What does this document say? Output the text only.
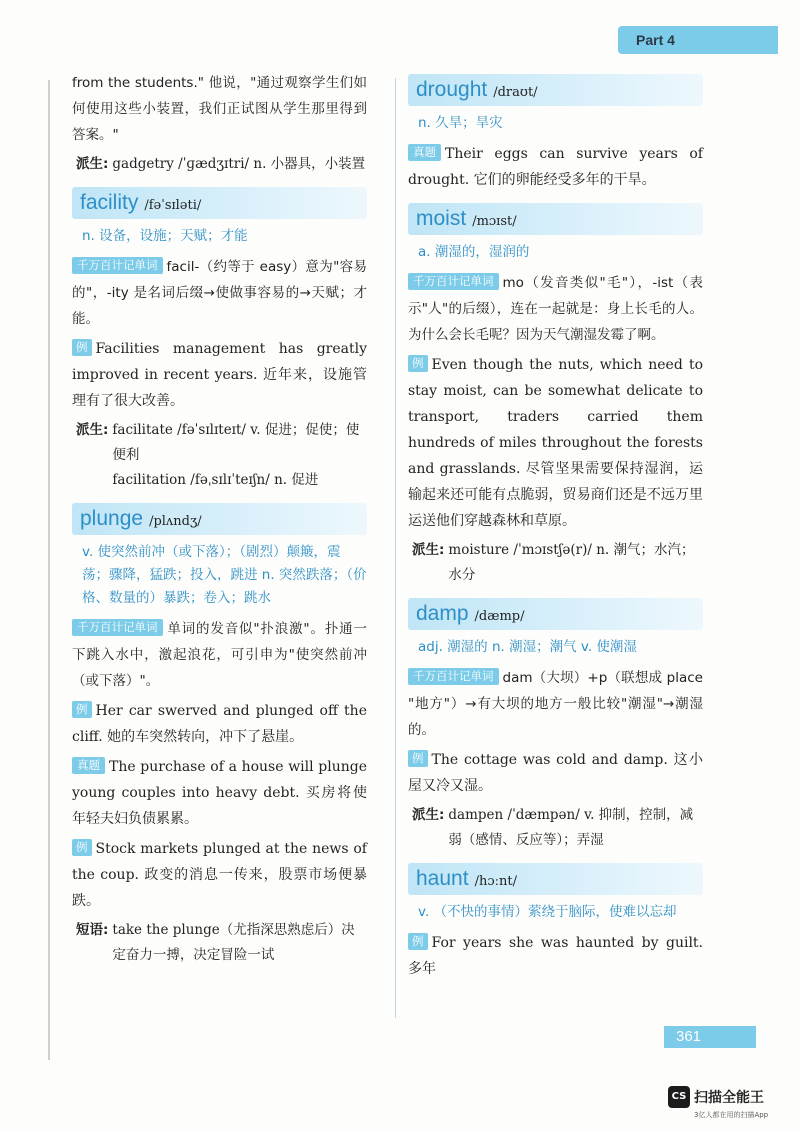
Part 4

from the students." 他说，"通过观察学生们如何使用这些小装置，我们正试图从学生那里得到答案。"

派生: gadgetry /ˈɡædʒɪtri/ n. 小器具，小装置
facility /fəˈsɪləti/
n. 设备，设施；天赋；才能

千万百计记单词 facil-（约等于 easy）意为"容易的"，-ity 是名词后缀→使做事容易的→天赋；才能。

例 Facilities management has greatly improved in recent years. 近年来，设施管理有了很大改善。

派生: facilitate /fəˈsɪlɪteɪt/ v. 促进；促使；使便利
facilitation /fəˌsɪlɪˈteɪʃn/ n. 促进
plunge /plʌndʒ/
v. 使突然前冲（或下落）；（剧烈）颠簸，震荡；骤降，猛跌；投入，跳进 n. 突然跌落；（价格、数量的）暴跌；卷入；跳水

千万百计记单词 单词的发音似"扑浪激"。扑通一下跳入水中，激起浪花，可引申为"使突然前冲（或下落）"。

例 Her car swerved and plunged off the cliff. 她的车突然转向，冲下了悬崖。

真题 The purchase of a house will plunge young couples into heavy debt. 买房将使年轻夫妇负债累累。

例 Stock markets plunged at the news of the coup. 政变的消息一传来，股票市场便暴跌。

短语: take the plunge（尤指深思熟虑后）决定奋力一搏，决定冒险一试
drought /draʊt/
n. 久旱；旱灾

真题 Their eggs can survive years of drought. 它们的卵能经受多年的干旱。

moist /mɔɪst/
a. 潮湿的，湿润的

千万百计记单词 mo（发音类似"毛"），-ist（表示"人"的后缀），连在一起就是：身上长毛的人。为什么会长毛呢？因为天气潮湿发霉了啊。

例 Even though the nuts, which need to stay moist, can be somewhat delicate to transport, traders carried them hundreds of miles throughout the forests and grasslands. 尽管坚果需要保持湿润，运输起来还可能有点脆弱，贸易商们还是不远万里运送他们穿越森林和草原。

派生: moisture /ˈmɔɪstʃə(r)/ n. 潮气；水汽；水分
damp /dæmp/
adj. 潮湿的 n. 潮湿；潮气 v. 使潮湿

千万百计记单词 dam（大坝）+p（联想成 place "地方"）→有大坝的地方一般比较"潮湿"→潮湿的。

例 The cottage was cold and damp. 这小屋又冷又湿。

派生: dampen /ˈdæmpən/ v. 抑制，控制，减弱（感情、反应等）；弄湿
haunt /hɔːnt/
v. （不快的事情）萦绕于脑际，使难以忘却

例 For years she was haunted by guilt. 多年

361
CS 扫描全能王
3亿人都在用的扫描App
